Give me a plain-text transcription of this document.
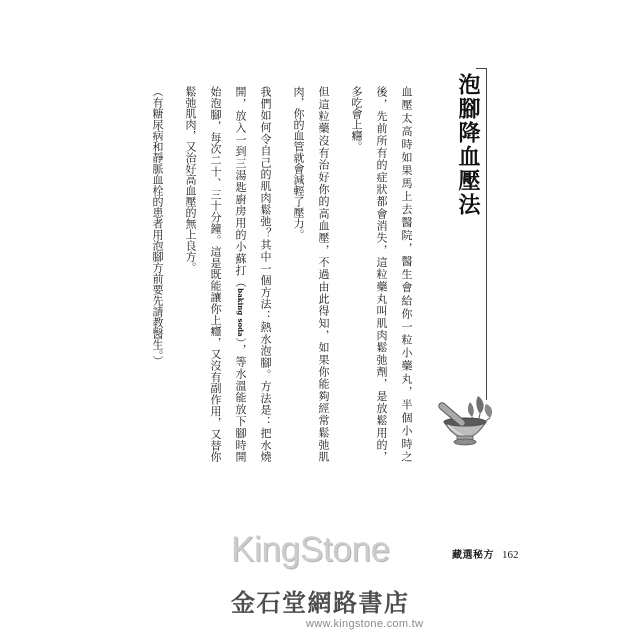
泡腳降血壓法
血壓太高時如果馬上去醫院，醫生會給你一粒小藥丸，半個小時之
後，先前所有的症狀都會消失，這粒藥丸叫肌肉鬆弛劑，是放鬆用的，
多吃會上癮。
但這粒藥沒有治好你的高血壓，不過由此得知，如果你能夠經常鬆弛肌
肉，你的血管就會減輕了壓力。
我們如何令自己的肌肉鬆弛？其中一個方法：熱水泡腳。方法是：把水燒
開，放入一到三湯匙廚房用的小蘇打（baking soda），等水溫能放下腳時開
始泡腳，每次二十、三十分鐘。這是既能讓你上癮，又沒有副作用，又替你
鬆弛肌肉，又治好高血壓的無上良方。
（有糖尿病和靜脈血栓的患者用泡腳方前要先請教醫生。）
藏選秘方 162
KingStone
金石堂網路書店
www.kingstone.com.tw
